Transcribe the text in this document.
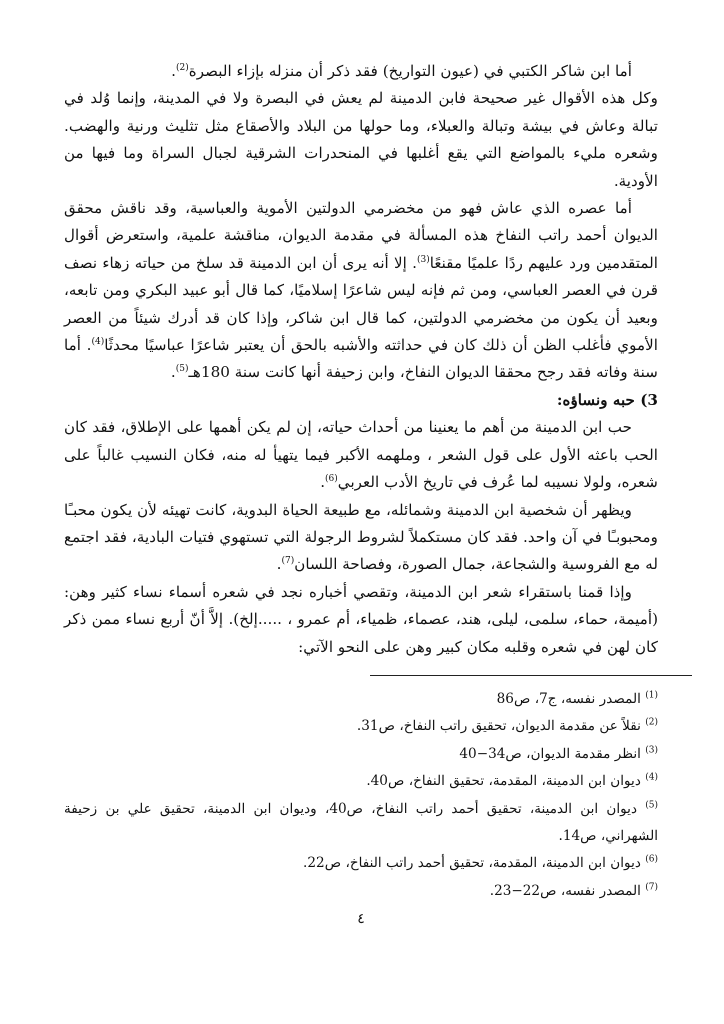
أما ابن شاكر الكتبي في (عيون التواريخ) فقد ذكر أن منزله بإزاء البصرة$^{(2)}$.

وكل هذه الأقوال غير صحيحة فابن الدمينة لم يعش في البصرة ولا في المدينة، وإنما وُلد في تبالة وعاش في بيشة وتبالة والعبلاء، وما حولها من البلاد والأصقاع مثل تثليث ورنية والهضب. وشعره مليء بالمواضع التي يقع أغلبها في المنحدرات الشرقية لجبال السراة وما فيها من الأودية.

أما عصره الذي عاش فهو من مخضرمي الدولتين الأموية والعباسية، وقد ناقش محقق الديوان أحمد راتب النفاخ هذه المسألة في مقدمة الديوان، مناقشة علمية، واستعرض أقوال المتقدمين ورد عليهم ردًا علميًا مقنعًا$^{(3)}$. إلا أنه يرى أن ابن الدمينة قد سلخ من حياته زهاء نصف قرن في العصر العباسي، ومن ثم فإنه ليس شاعرًا إسلاميًا، كما قال أبو عبيد البكري ومن تابعه، وبعيد أن يكون من مخضرمي الدولتين، كما قال ابن شاكر، وإذا كان قد أدرك شيئاً من العصر الأموي فأغلب الظن أن ذلك كان في حداثته والأشبه بالحق أن يعتبر شاعرًا عباسيًا محدثًا$^{(4)}$. أما سنة وفاته فقد رجح محققا الديوان النفاخ، وابن زحيفة أنها كانت سنة 180هـ$^{(5)}$.

3) حبه ونساؤه:

حب ابن الدمينة من أهم ما يعنينا من أحداث حياته، إن لم يكن أهمها على الإطلاق، فقد كان الحب باعثه الأول على قول الشعر ، وملهمه الأكبر فيما يتهيأ له منه، فكان النسيب غالباً على شعره، ولولا نسيبه لما عُرف في تاريخ الأدب العربي$^{(6)}$.

ويظهر أن شخصية ابن الدمينة وشمائله، مع طبيعة الحياة البدوية، كانت تهيئه لأن يكون محبـًا ومحبوبـًا في آن واحد. فقد كان مستكملاً لشروط الرجولة التي تستهوي فتيات البادية، فقد اجتمع له مع الفروسية والشجاعة، جمال الصورة، وفصاحة اللسان$^{(7)}$.

وإذا قمنا باستقراء شعر ابن الدمينة، وتقصي أخباره نجد في شعره أسماء نساء كثير وهن: (أميمة، حماء، سلمى، ليلى، هند، عصماء، ظمياء، أم عمرو ، .....إلخ). إلاَّ أنّ أربع نساء ممن ذكر كان لهن في شعره وقلبه مكان كبير وهن على النحو الآتي:

$^{(1)}$ المصدر نفسه، ج7، ص86

$^{(2)}$ نقلاً عن مقدمة الديوان، تحقيق راتب النفاخ، ص31.

$^{(3)}$ انظر مقدمة الديوان، ص34−40

$^{(4)}$ ديوان ابن الدمينة، المقدمة، تحقيق النفاخ، ص40.

$^{(5)}$ ديوان ابن الدمينة، تحقيق أحمد راتب النفاخ، ص40، وديوان ابن الدمينة، تحقيق علي بن زحيفة الشهراني، ص14.

$^{(6)}$ ديوان ابن الدمينة، المقدمة، تحقيق أحمد راتب النفاخ، ص22.

$^{(7)}$ المصدر نفسه، ص22−23.

٤
